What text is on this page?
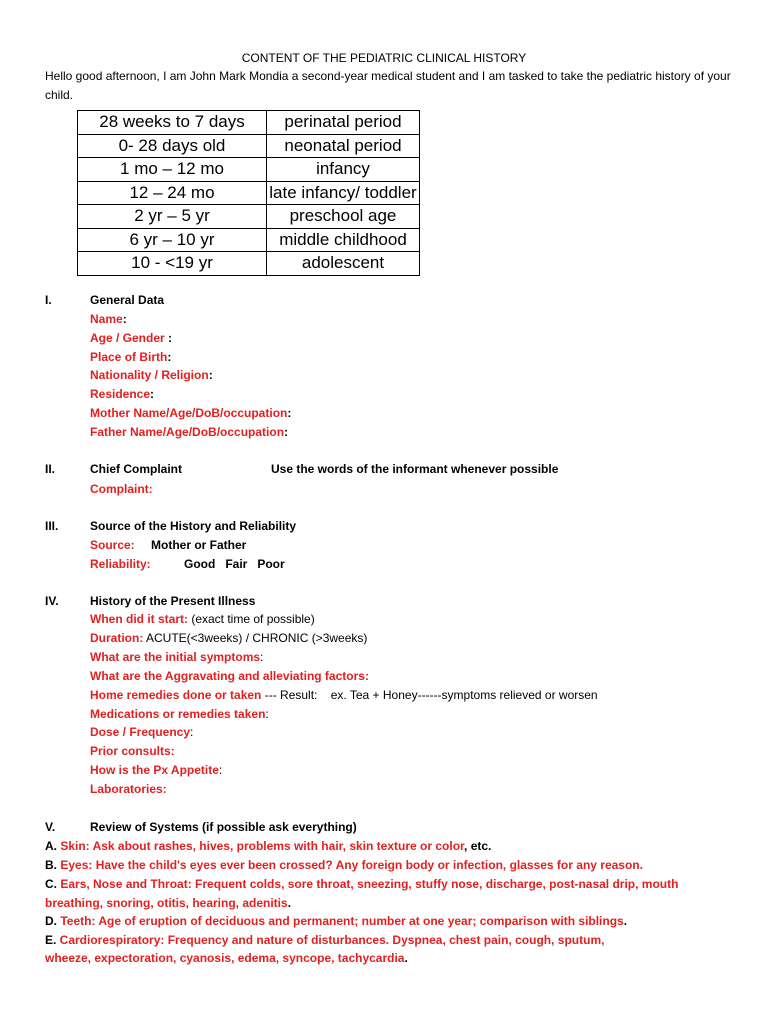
CONTENT OF THE PEDIATRIC CLINICAL HISTORY
Hello good afternoon, I am John Mark Mondia a second-year medical student and I am tasked to take the pediatric history of your child.
28 weeks to 7 days	perinatal period
0- 28 days old	neonatal period
1 mo – 12 mo	infancy
12 – 24 mo	late infancy/ toddler
2 yr – 5 yr	preschool age
6 yr – 10 yr	middle childhood
10 - <19 yr	adolescent
I.	General Data
Name:
Age / Gender :
Place of Birth:
Nationality / Religion:
Residence:
Mother Name/Age/DoB/occupation:
Father Name/Age/DoB/occupation:
II.	Chief Complaint	Use the words of the informant whenever possible
Complaint:
III.	Source of the History and Reliability
Source: Mother or Father
Reliability:	Good   Fair   Poor
IV.	History of the Present Illness
When did it start: (exact time of possible)
Duration: ACUTE(<3weeks) / CHRONIC (>3weeks)
What are the initial symptoms:
What are the Aggravating and alleviating factors:
Home remedies done or taken --- Result:    ex. Tea + Honey------symptoms relieved or worsen
Medications or remedies taken:
Dose / Frequency:
Prior consults:
How is the Px Appetite:
Laboratories:
V.	Review of Systems (if possible ask everything)
A. Skin: Ask about rashes, hives, problems with hair, skin texture or color, etc.
B. Eyes: Have the child's eyes ever been crossed? Any foreign body or infection, glasses for any reason.
C. Ears, Nose and Throat: Frequent colds, sore throat, sneezing, stuffy nose, discharge, post-nasal drip, mouth breathing, snoring, otitis, hearing, adenitis.
D. Teeth: Age of eruption of deciduous and permanent; number at one year; comparison with siblings.
E. Cardiorespiratory: Frequency and nature of disturbances. Dyspnea, chest pain, cough, sputum,
wheeze, expectoration, cyanosis, edema, syncope, tachycardia.
